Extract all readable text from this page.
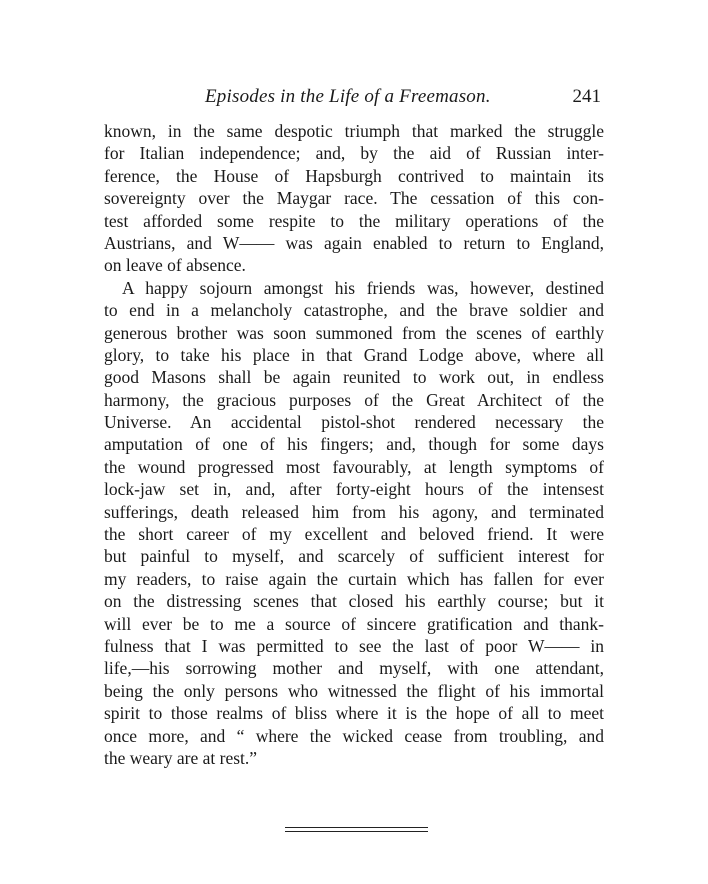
Episodes in the Life of a Freemason.	241
known, in the same despotic triumph that marked the struggle
for Italian independence; and, by the aid of Russian inter-
ference, the House of Hapsburgh contrived to maintain its
sovereignty over the Maygar race. The cessation of this con-
test afforded some respite to the military operations of the
Austrians, and W—— was again enabled to return to England,
on leave of absence.
A happy sojourn amongst his friends was, however, destined
to end in a melancholy catastrophe, and the brave soldier and
generous brother was soon summoned from the scenes of earthly
glory, to take his place in that Grand Lodge above, where all
good Masons shall be again reunited to work out, in endless
harmony, the gracious purposes of the Great Architect of the
Universe. An accidental pistol-shot rendered necessary the
amputation of one of his fingers; and, though for some days
the wound progressed most favourably, at length symptoms of
lock-jaw set in, and, after forty-eight hours of the intensest
sufferings, death released him from his agony, and terminated
the short career of my excellent and beloved friend. It were
but painful to myself, and scarcely of sufficient interest for
my readers, to raise again the curtain which has fallen for ever
on the distressing scenes that closed his earthly course; but it
will ever be to me a source of sincere gratification and thank-
fulness that I was permitted to see the last of poor W—— in
life,—his sorrowing mother and myself, with one attendant,
being the only persons who witnessed the flight of his immortal
spirit to those realms of bliss where it is the hope of all to meet
once more, and “ where the wicked cease from troubling, and
the weary are at rest.”
